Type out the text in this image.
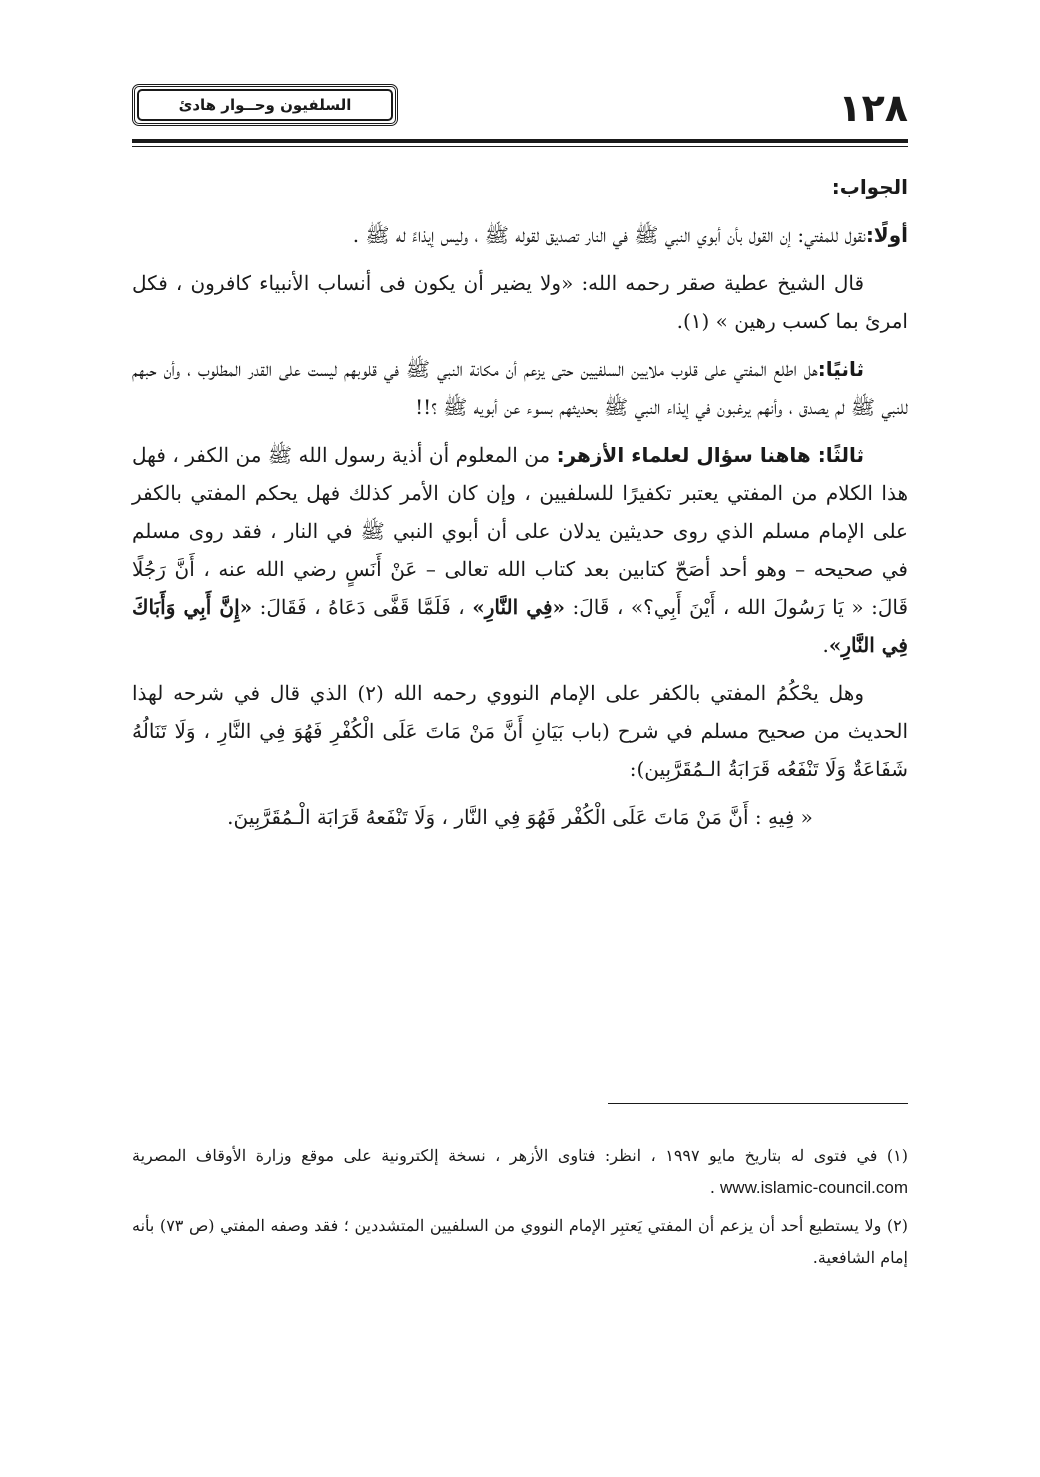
١٢٨
السلفيون وحــوار هادئ

الجواب:

أولًا:نقول للمفتي: إن القول بأن أبوي النبي ﷺ في النار تصديق لقوله ﷺ ، وليس إيذاءً له ﷺ .

قال الشيخ عطية صقر رحمه الله: «ولا يضير أن يكون فى أنساب الأنبياء كافرون ، فكل امرئ بما كسب رهين » (١).

ثانيًا:هل اطلع المفتي على قلوب ملايين السلفيين حتى يزعم أن مكانة النبي ﷺ في قلوبهم ليست على القدر المطلوب ، وأن حبهم للنبي ﷺ لم يصدق ، وأنهم يرغبون في إيذاء النبي ﷺ بحديثهم بسوء عن أبويه ﷺ ؟!!

ثالثًا: هاهنا سؤال لعلماء الأزهر: من المعلوم أن أذية رسول الله ﷺ من الكفر ، فهل هذا الكلام من المفتي يعتبر تكفيرًا للسلفيين ، وإن كان الأمر كذلك فهل يحكم المفتي بالكفر على الإمام مسلم الذي روى حديثين يدلان على أن أبوي النبي ﷺ في النار ، فقد روى مسلم في صحيحه – وهو أحد أصَحّ كتابين بعد كتاب الله تعالى – عَنْ أَنَسٍ رضي الله عنه ، أَنَّ رَجُلًا قَالَ: « يَا رَسُولَ الله ، أَيْنَ أَبِي؟» ، قَالَ: «فِي النَّارِ» ، فَلَمَّا قَفَّى دَعَاهُ ، فَقَالَ: «إِنَّ أَبِي وَأَبَاكَ فِي النَّارِ».

وهل يحْكُمُ المفتي بالكفر على الإمام النووي رحمه الله (٢) الذي قال في شرحه لهذا الحديث من صحيح مسلم في شرح (باب بَيَانِ أَنَّ مَنْ مَاتَ عَلَى الْكُفْرِ فَهُوَ فِي النَّارِ ، وَلَا تَنَالُهُ شَفَاعَةٌ وَلَا تَنْفَعُه قَرَابَةُ الـمُقَرَّبِين):

« فِيهِ : أَنَّ مَنْ مَاتَ عَلَى الْكُفْر فَهُوَ فِي النَّار ، وَلَا تَنْفَعهُ قَرَابَة الْـمُقَرَّبِينَ.

(١) في فتوى له بتاريخ مايو ١٩٩٧ ، انظر: فتاوى الأزهر ، نسخة إلكترونية على موقع وزارة الأوقاف المصرية www.islamic-council.com .

(٢) ولا يستطيع أحد أن يزعم أن المفتي يَعتبِر الإمام النووي من السلفيين المتشددين ؛ فقد وصفه المفتي (ص ٧٣) بأنه إمام الشافعية.
